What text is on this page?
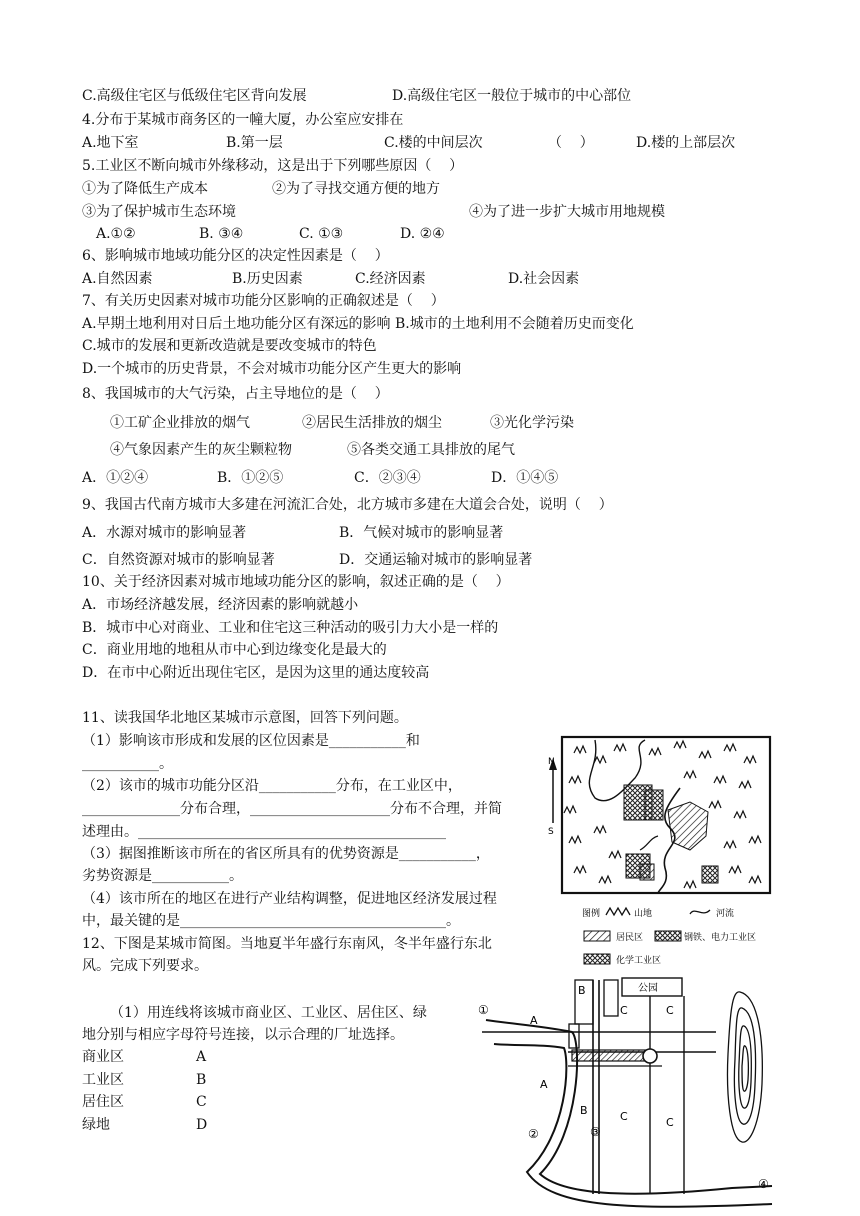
C.高级住宅区与低级住宅区背向发展	D.高级住宅区一般位于城市的中心部位
4.分布于某城市商务区的一幢大厦，办公室应安排在
A.地下室	B.第一层	C.楼的中间层次	（    ）	D.楼的上部层次
5.工业区不断向城市外缘移动，这是出于下列哪些原因（    ）
①为了降低生产成本	②为了寻找交通方便的地方
③为了保护城市生态环境	④为了进一步扩大城市用地规模
A.①②	B. ③④	C. ①③	D. ②④
6、影响城市地域功能分区的决定性因素是（    ）
A.自然因素	B.历史因素	C.经济因素	D.社会因素
7、有关历史因素对城市功能分区影响的正确叙述是（    ）
A.早期土地利用对日后土地功能分区有深远的影响 B.城市的土地利用不会随着历史而变化
C.城市的发展和更新改造就是要改变城市的特色
D.一个城市的历史背景，不会对城市功能分区产生更大的影响
8、我国城市的大气污染，占主导地位的是（    ）
①工矿企业排放的烟气	②居民生活排放的烟尘	③光化学污染
④气象因素产生的灰尘颗粒物	⑤各类交通工具排放的尾气
A．①②④	B．①②⑤	C．②③④	D．①④⑤
9、我国古代南方城市大多建在河流汇合处，北方城市多建在大道会合处，说明（    ）
A．水源对城市的影响显著	B．气候对城市的影响显著
C．自然资源对城市的影响显著	D．交通运输对城市的影响显著
10、关于经济因素对城市地域功能分区的影响，叙述正确的是（    ）
A．市场经济越发展，经济因素的影响就越小
B．城市中心对商业、工业和住宅这三种活动的吸引力大小是一样的
C．商业用地的地租从市中心到边缘变化是最大的
D．在市中心附近出现住宅区，是因为这里的通达度较高
11、读我国华北地区某城市示意图，回答下列问题。
（1）影响该市形成和发展的区位因素是___________和
___________。
（2）该市的城市功能分区沿___________分布，在工业区中，
______________分布合理，____________________分布不合理，并简
述理由。____________________________________________
（3）据图推断该市所在的省区所具有的优势资源是___________，
劣势资源是___________。
（4）该市所在的地区在进行产业结构调整，促进地区经济发展过程
中，最关键的是______________________________________。
12、下图是某城市简图。当地夏半年盛行东南风，冬半年盛行东北
风。完成下列要求。
（1）用连线将该城市商业区、工业区、居住区、绿
地分别与相应字母符号连接，以示合理的厂址选择。
商业区	A
工业区	B
居住区	C
绿地	D
N
S
图例	山地	河流
居民区	钢铁、电力工业区
化学工业区
公园
A
B
C	C
A
B	C	C
①
②	③
④
